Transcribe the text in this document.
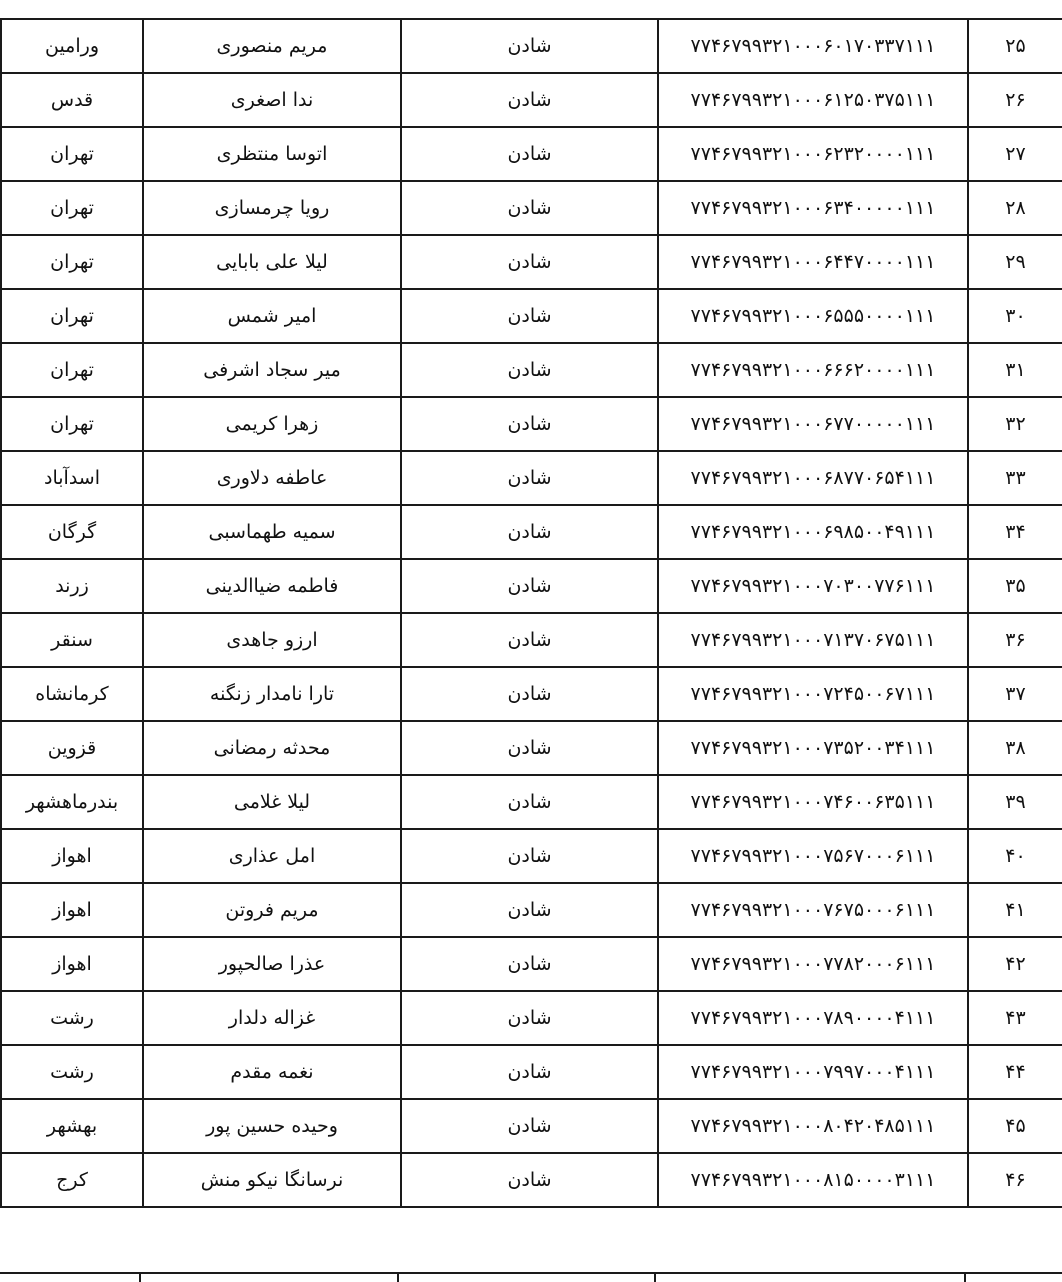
۲۵	۷۷۴۶۷۹۹۳۲۱۰۰۰۶۰۱۷۰۳۳۷۱۱۱	شادن	مریم منصوری	ورامین
۲۶	۷۷۴۶۷۹۹۳۲۱۰۰۰۶۱۲۵۰۳۷۵۱۱۱	شادن	ندا اصغری	قدس
۲۷	۷۷۴۶۷۹۹۳۲۱۰۰۰۶۲۳۲۰۰۰۰۱۱۱	شادن	اتوسا منتظری	تهران
۲۸	۷۷۴۶۷۹۹۳۲۱۰۰۰۶۳۴۰۰۰۰۰۱۱۱	شادن	رویا چرمسازی	تهران
۲۹	۷۷۴۶۷۹۹۳۲۱۰۰۰۶۴۴۷۰۰۰۰۱۱۱	شادن	لیلا علی بابایی	تهران
۳۰	۷۷۴۶۷۹۹۳۲۱۰۰۰۶۵۵۵۰۰۰۰۱۱۱	شادن	امیر شمس	تهران
۳۱	۷۷۴۶۷۹۹۳۲۱۰۰۰۶۶۶۲۰۰۰۰۱۱۱	شادن	میر سجاد اشرفی	تهران
۳۲	۷۷۴۶۷۹۹۳۲۱۰۰۰۶۷۷۰۰۰۰۰۱۱۱	شادن	زهرا کریمی	تهران
۳۳	۷۷۴۶۷۹۹۳۲۱۰۰۰۶۸۷۷۰۶۵۴۱۱۱	شادن	عاطفه دلاوری	اسدآباد
۳۴	۷۷۴۶۷۹۹۳۲۱۰۰۰۶۹۸۵۰۰۴۹۱۱۱	شادن	سمیه طهماسبی	گرگان
۳۵	۷۷۴۶۷۹۹۳۲۱۰۰۰۷۰۳۰۰۷۷۶۱۱۱	شادن	فاطمه ضیاالدینی	زرند
۳۶	۷۷۴۶۷۹۹۳۲۱۰۰۰۷۱۳۷۰۶۷۵۱۱۱	شادن	ارزو جاهدی	سنقر
۳۷	۷۷۴۶۷۹۹۳۲۱۰۰۰۷۲۴۵۰۰۶۷۱۱۱	شادن	تارا نامدار زنگنه	کرمانشاه
۳۸	۷۷۴۶۷۹۹۳۲۱۰۰۰۷۳۵۲۰۰۳۴۱۱۱	شادن	محدثه رمضانی	قزوین
۳۹	۷۷۴۶۷۹۹۳۲۱۰۰۰۷۴۶۰۰۶۳۵۱۱۱	شادن	لیلا غلامی	بندرماهشهر
۴۰	۷۷۴۶۷۹۹۳۲۱۰۰۰۷۵۶۷۰۰۰۶۱۱۱	شادن	امل عذاری	اهواز
۴۱	۷۷۴۶۷۹۹۳۲۱۰۰۰۷۶۷۵۰۰۰۶۱۱۱	شادن	مریم فروتن	اهواز
۴۲	۷۷۴۶۷۹۹۳۲۱۰۰۰۷۷۸۲۰۰۰۶۱۱۱	شادن	عذرا صالحپور	اهواز
۴۳	۷۷۴۶۷۹۹۳۲۱۰۰۰۷۸۹۰۰۰۰۴۱۱۱	شادن	غزاله دلدار	رشت
۴۴	۷۷۴۶۷۹۹۳۲۱۰۰۰۷۹۹۷۰۰۰۴۱۱۱	شادن	نغمه مقدم	رشت
۴۵	۷۷۴۶۷۹۹۳۲۱۰۰۰۸۰۴۲۰۴۸۵۱۱۱	شادن	وحیده حسین پور	بهشهر
۴۶	۷۷۴۶۷۹۹۳۲۱۰۰۰۸۱۵۰۰۰۰۳۱۱۱	شادن	نرسانگا نیکو منش	کرج
